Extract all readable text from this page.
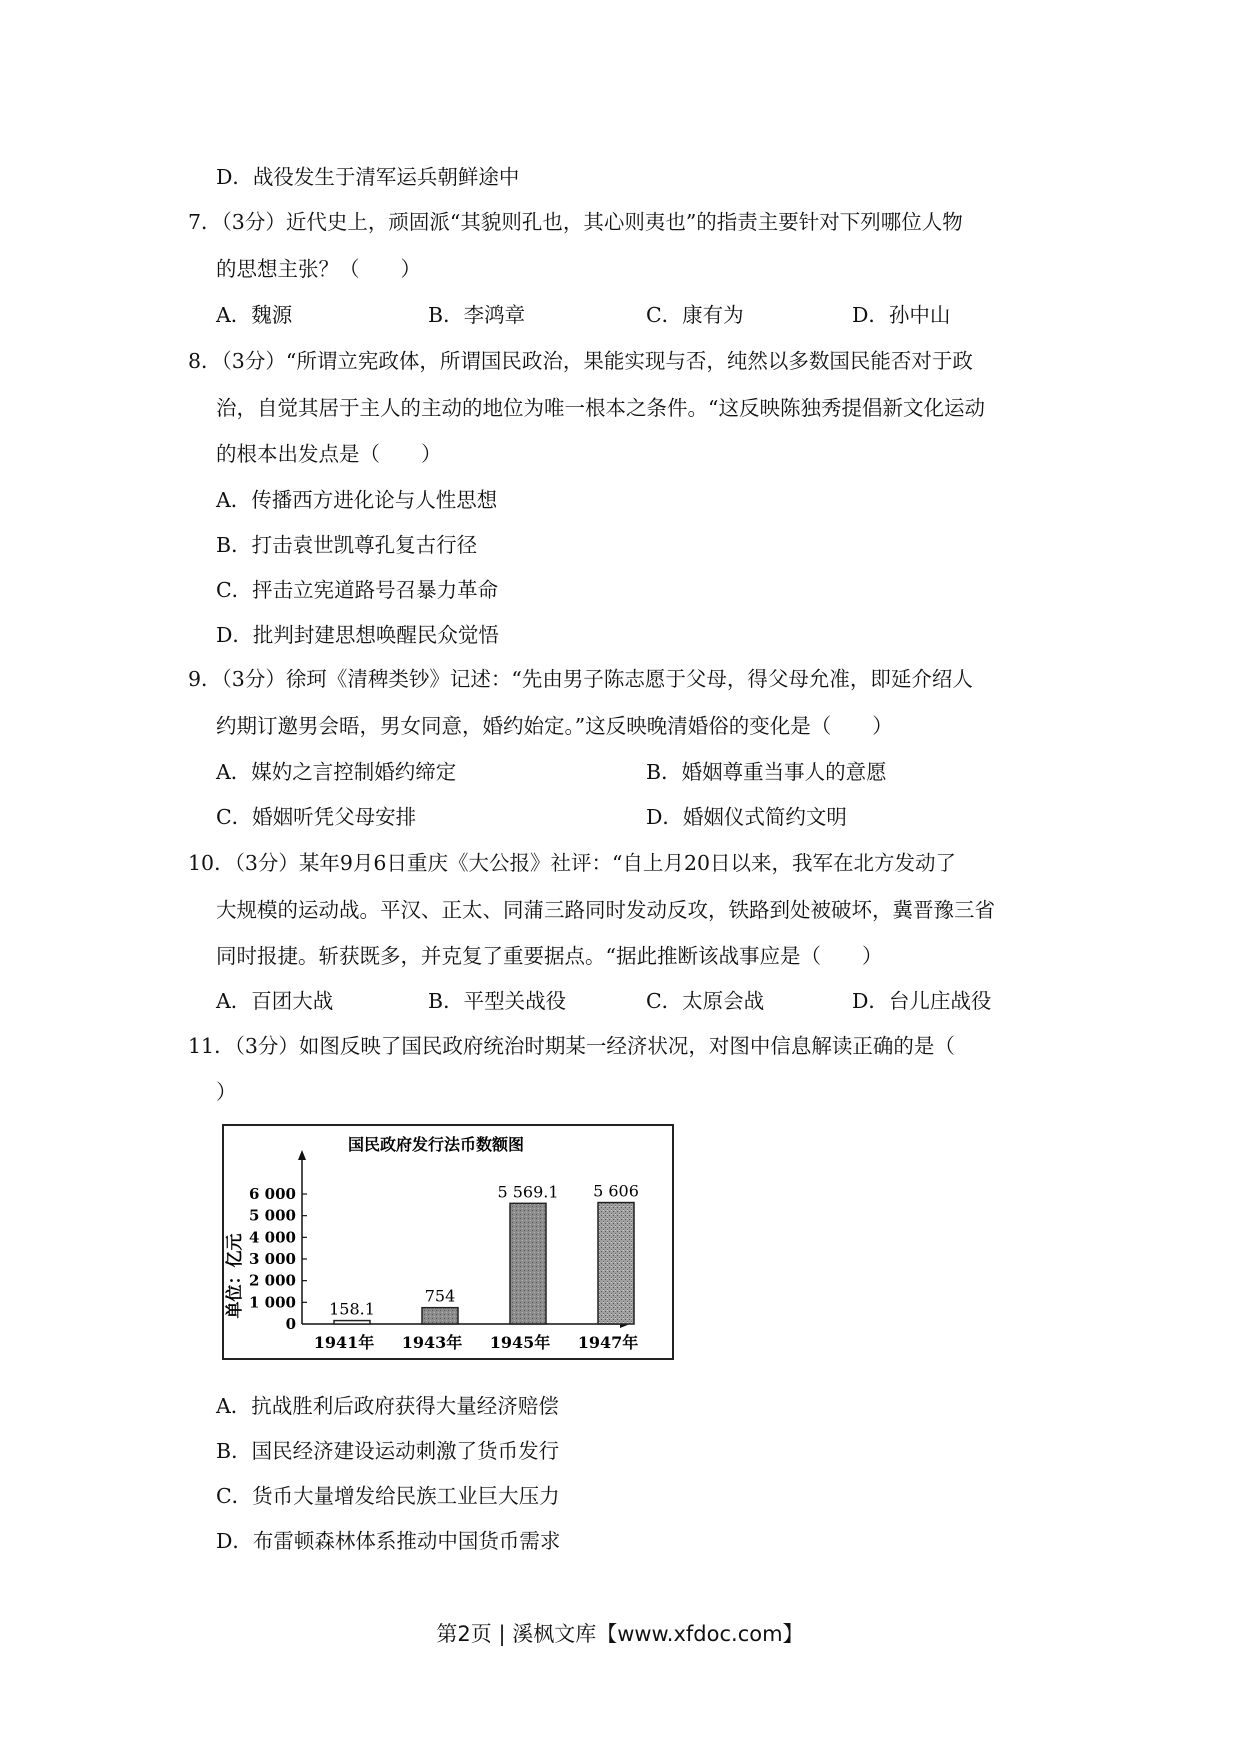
D．战役发生于清军运兵朝鲜途中
7．（3分）近代史上，顽固派“其貌则孔也，其心则夷也”的指责主要针对下列哪位人物
的思想主张？（　　）
A．魏源	B．李鸿章	C．康有为	D．孙中山
8．（3分）“所谓立宪政体，所谓国民政治，果能实现与否，纯然以多数国民能否对于政
治，自觉其居于主人的主动的地位为唯一根本之条件。“这反映陈独秀提倡新文化运动
的根本出发点是（　　）
A．传播西方进化论与人性思想
B．打击袁世凯尊孔复古行径
C．抨击立宪道路号召暴力革命
D．批判封建思想唤醒民众觉悟
9．（3分）徐珂《清稗类钞》记述：“先由男子陈志愿于父母，得父母允准，即延介绍人
约期订邀男会晤，男女同意，婚约始定。”这反映晚清婚俗的变化是（　　）
A．媒妁之言控制婚约缔定	B．婚姻尊重当事人的意愿
C．婚姻听凭父母安排	D．婚姻仪式简约文明
10．（3分）某年9月6日重庆《大公报》社评：“自上月20日以来，我军在北方发动了
大规模的运动战。平汉、正太、同蒲三路同时发动反攻，铁路到处被破坏，冀晋豫三省
同时报捷。斩获既多，并克复了重要据点。“据此推断该战事应是（　　）
A．百团大战	B．平型关战役	C．太原会战	D．台儿庄战役
11．（3分）如图反映了国民政府统治时期某一经济状况，对图中信息解读正确的是（
）
国民政府发行法币数额图
单位：亿元
0
1 000
2 000
3 000
4 000
5 000
6 000
158.1
754
5 569.1 5 606
1941年 1943年 1945年 1947年
A．抗战胜利后政府获得大量经济赔偿
B．国民经济建设运动刺激了货币发行
C．货币大量增发给民族工业巨大压力
D．布雷顿森林体系推动中国货币需求
第2页 | 溪枫文库【www.xfdoc.com】
